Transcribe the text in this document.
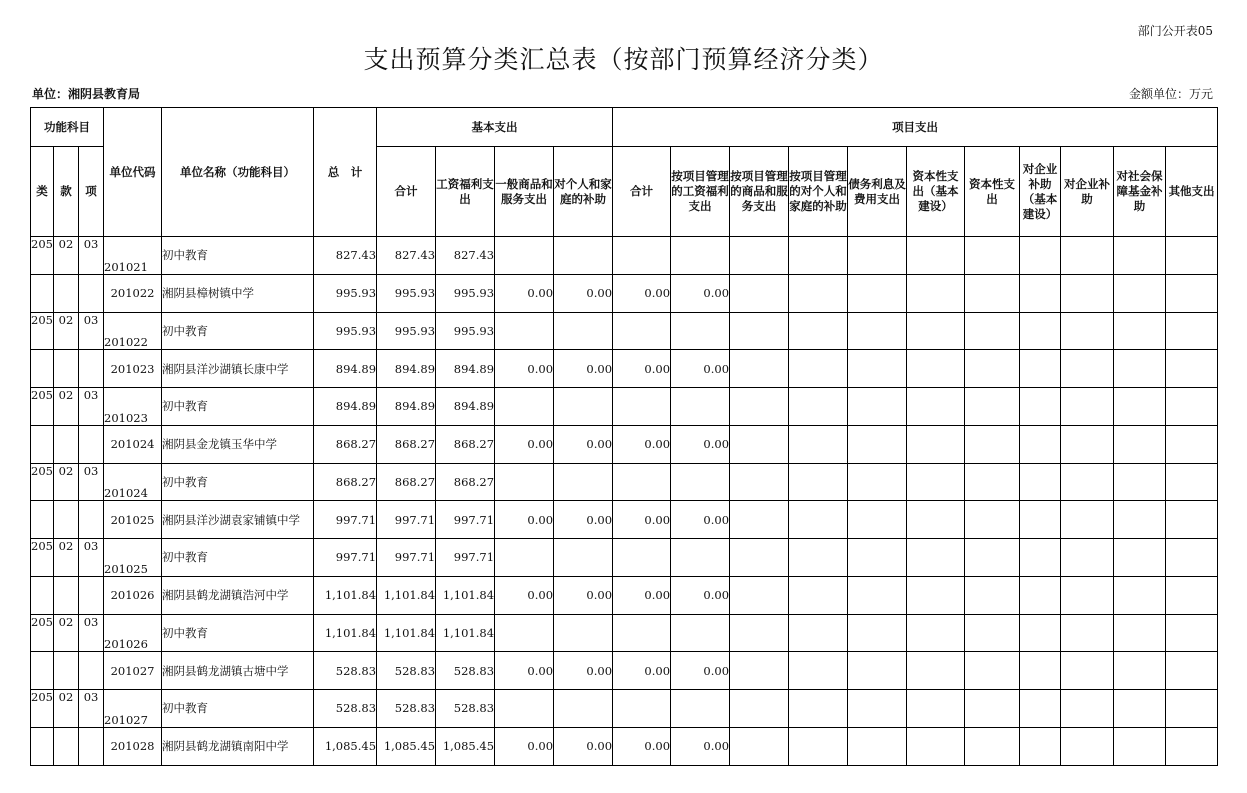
部门公开表05
支出预算分类汇总表（按部门预算经济分类）
单位：湘阴县教育局	金额单位：万元
功能科目			单位代码	单位名称（功能科目）	总　计	基本支出				项目支出										
类	款	项				合计	工资福利支出	一般商品和服务支出	对个人和家庭的补助	合计	按项目管理的工资福利支出	按项目管理的商品和服务支出	按项目管理的对个人和家庭的补助	债务利息及费用支出	资本性支出（基本建设）	资本性支出	对企业补助（基本建设）	对企业补助	对社会保障基金补助	其他支出
205	02	03	201021	初中教育	827.43	827.43	827.43													
			201022	湘阴县樟树镇中学	995.93	995.93	995.93	0.00	0.00	0.00	0.00									
205	02	03	201022	初中教育	995.93	995.93	995.93													
			201023	湘阴县洋沙湖镇长康中学	894.89	894.89	894.89	0.00	0.00	0.00	0.00									
205	02	03	201023	初中教育	894.89	894.89	894.89													
			201024	湘阴县金龙镇玉华中学	868.27	868.27	868.27	0.00	0.00	0.00	0.00									
205	02	03	201024	初中教育	868.27	868.27	868.27													
			201025	湘阴县洋沙湖袁家铺镇中学	997.71	997.71	997.71	0.00	0.00	0.00	0.00									
205	02	03	201025	初中教育	997.71	997.71	997.71													
			201026	湘阴县鹤龙湖镇浩河中学	1,101.84	1,101.84	1,101.84	0.00	0.00	0.00	0.00									
205	02	03	201026	初中教育	1,101.84	1,101.84	1,101.84													
			201027	湘阴县鹤龙湖镇古塘中学	528.83	528.83	528.83	0.00	0.00	0.00	0.00									
205	02	03	201027	初中教育	528.83	528.83	528.83													
			201028	湘阴县鹤龙湖镇南阳中学	1,085.45	1,085.45	1,085.45	0.00	0.00	0.00	0.00									
